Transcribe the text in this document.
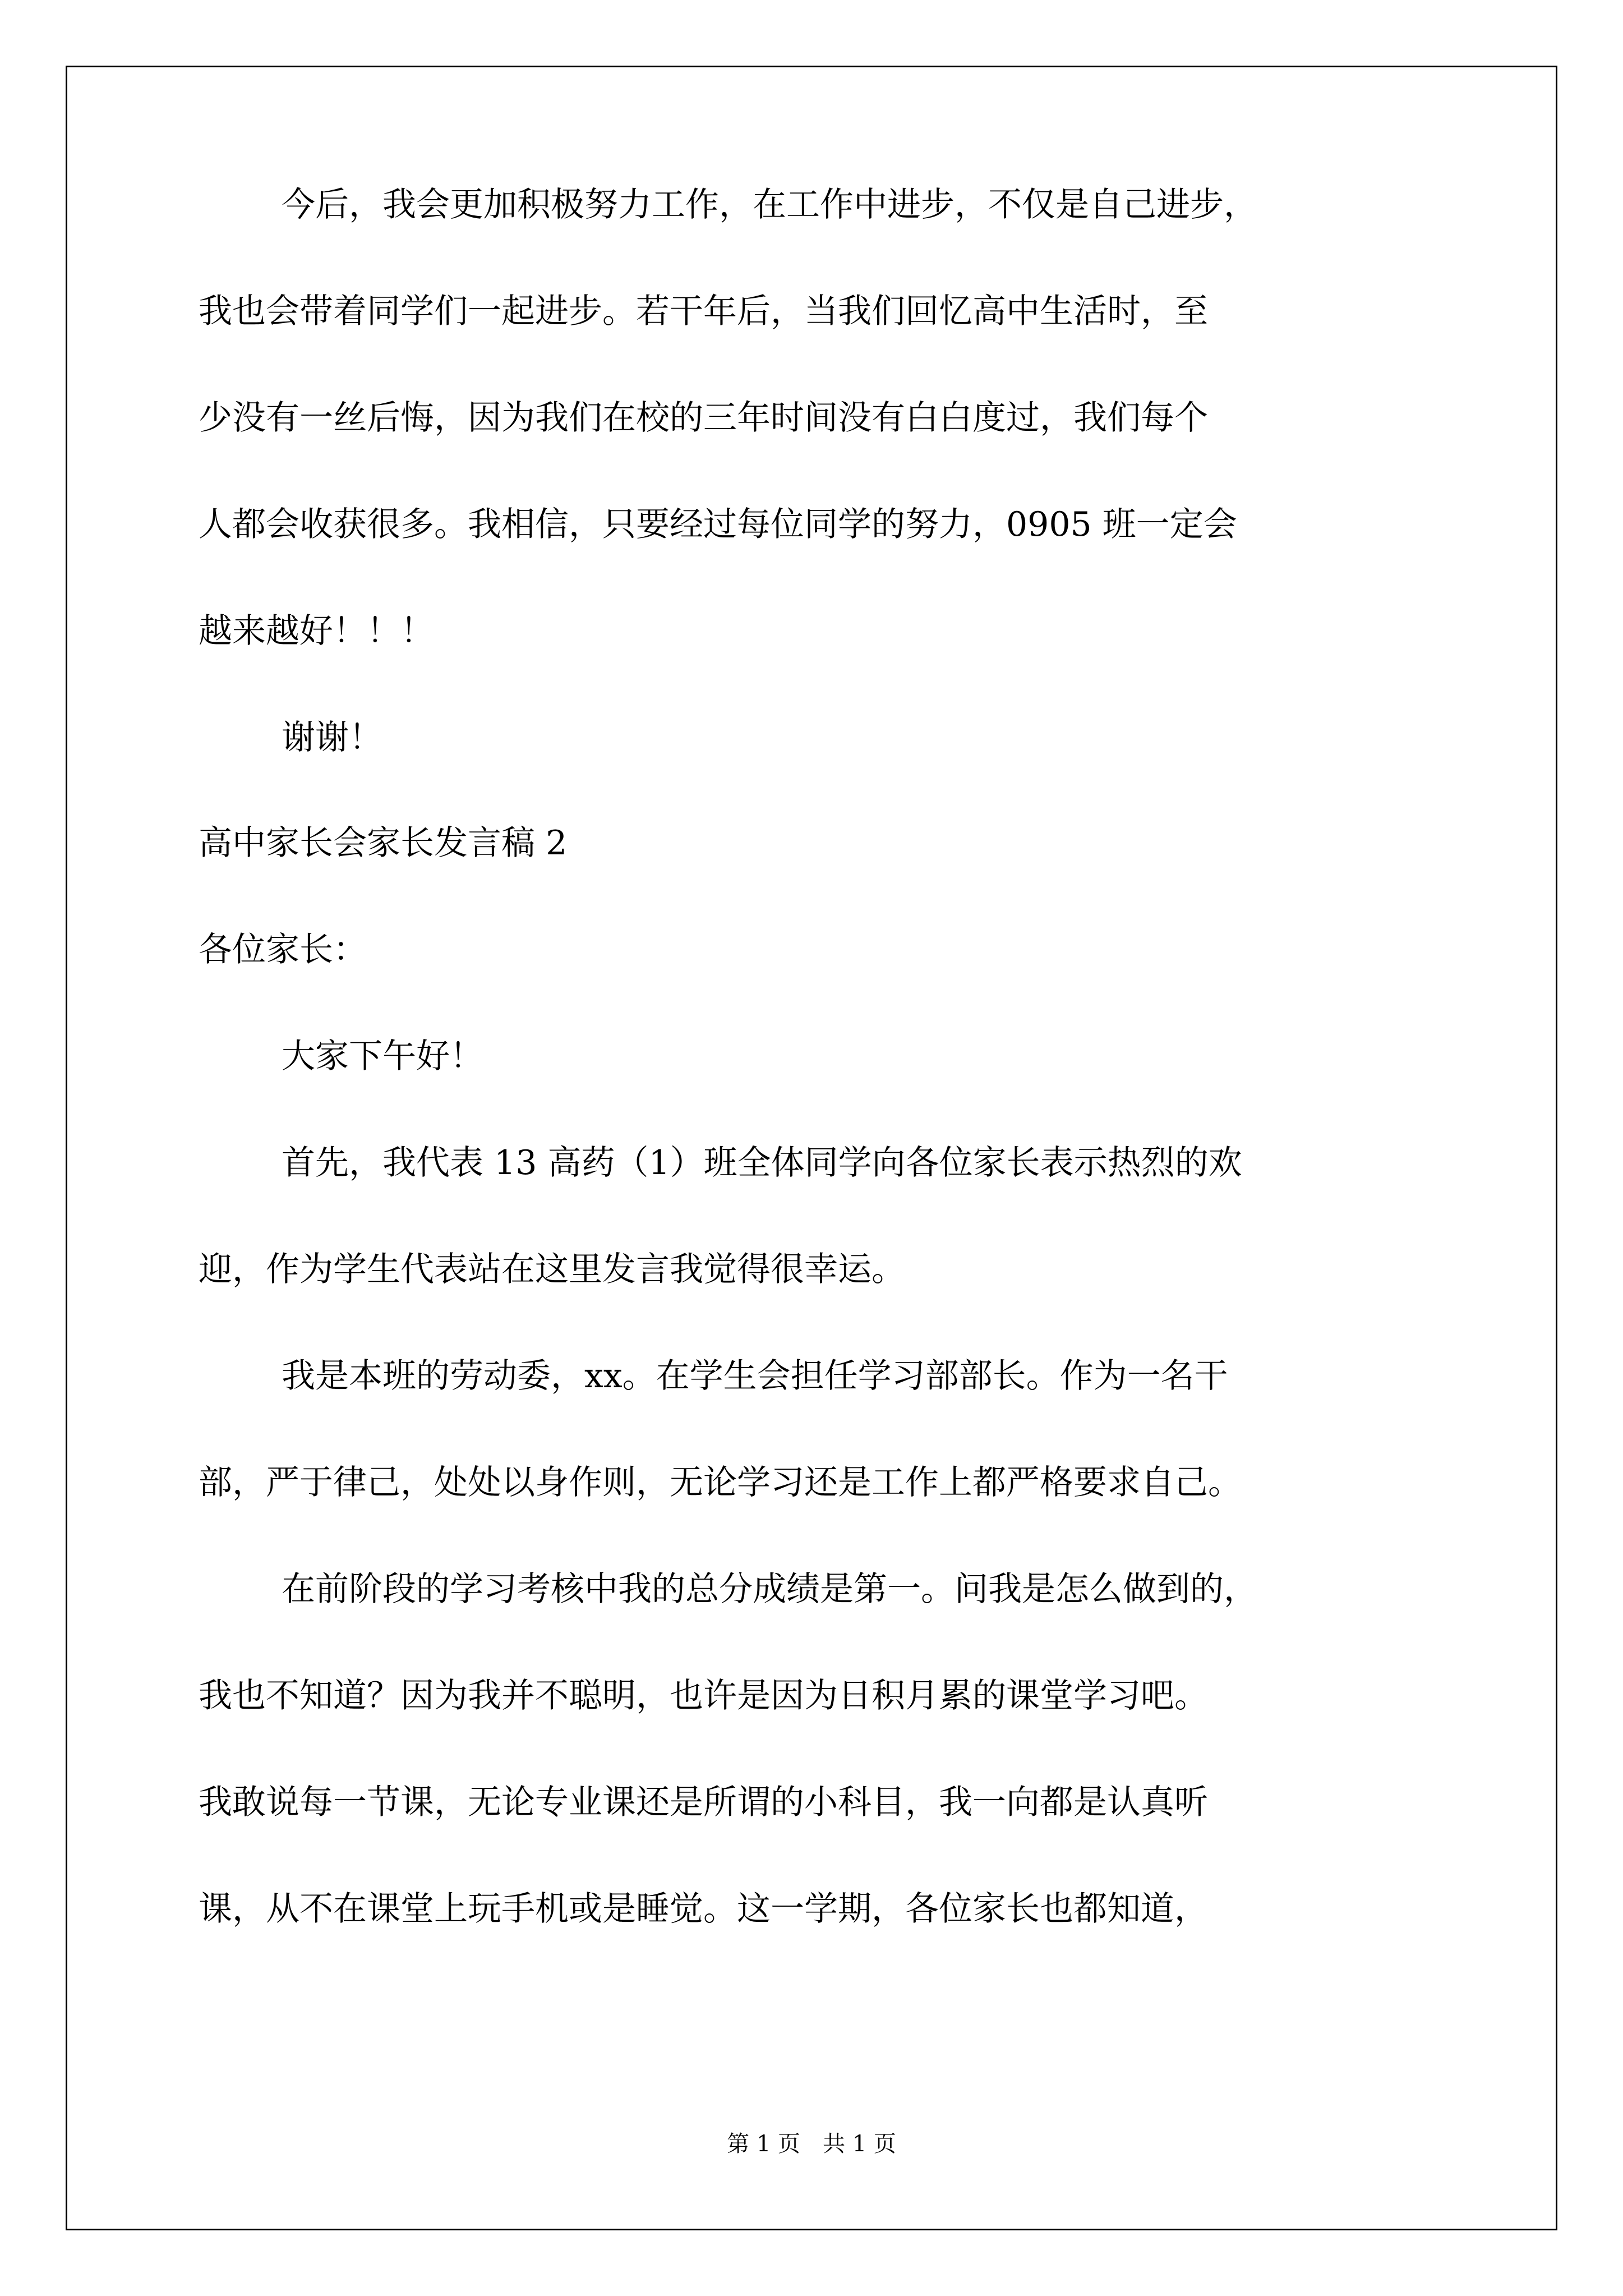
今后，我会更加积极努力工作，在工作中进步，不仅是自己进步，
我也会带着同学们一起进步。若干年后，当我们回忆高中生活时，至
少没有一丝后悔，因为我们在校的三年时间没有白白度过，我们每个
人都会收获很多。我相信，只要经过每位同学的努力，0905 班一定会
越来越好！！！
谢谢！
高中家长会家长发言稿 2
各位家长：
大家下午好！
首先，我代表 13 高药（1）班全体同学向各位家长表示热烈的欢
迎，作为学生代表站在这里发言我觉得很幸运。
我是本班的劳动委，xx。在学生会担任学习部部长。作为一名干
部，严于律己，处处以身作则，无论学习还是工作上都严格要求自己。
在前阶段的学习考核中我的总分成绩是第一。问我是怎么做到的，
我也不知道？因为我并不聪明，也许是因为日积月累的课堂学习吧。
我敢说每一节课，无论专业课还是所谓的小科目，我一向都是认真听
课，从不在课堂上玩手机或是睡觉。这一学期，各位家长也都知道，
第 1 页　共 1 页
